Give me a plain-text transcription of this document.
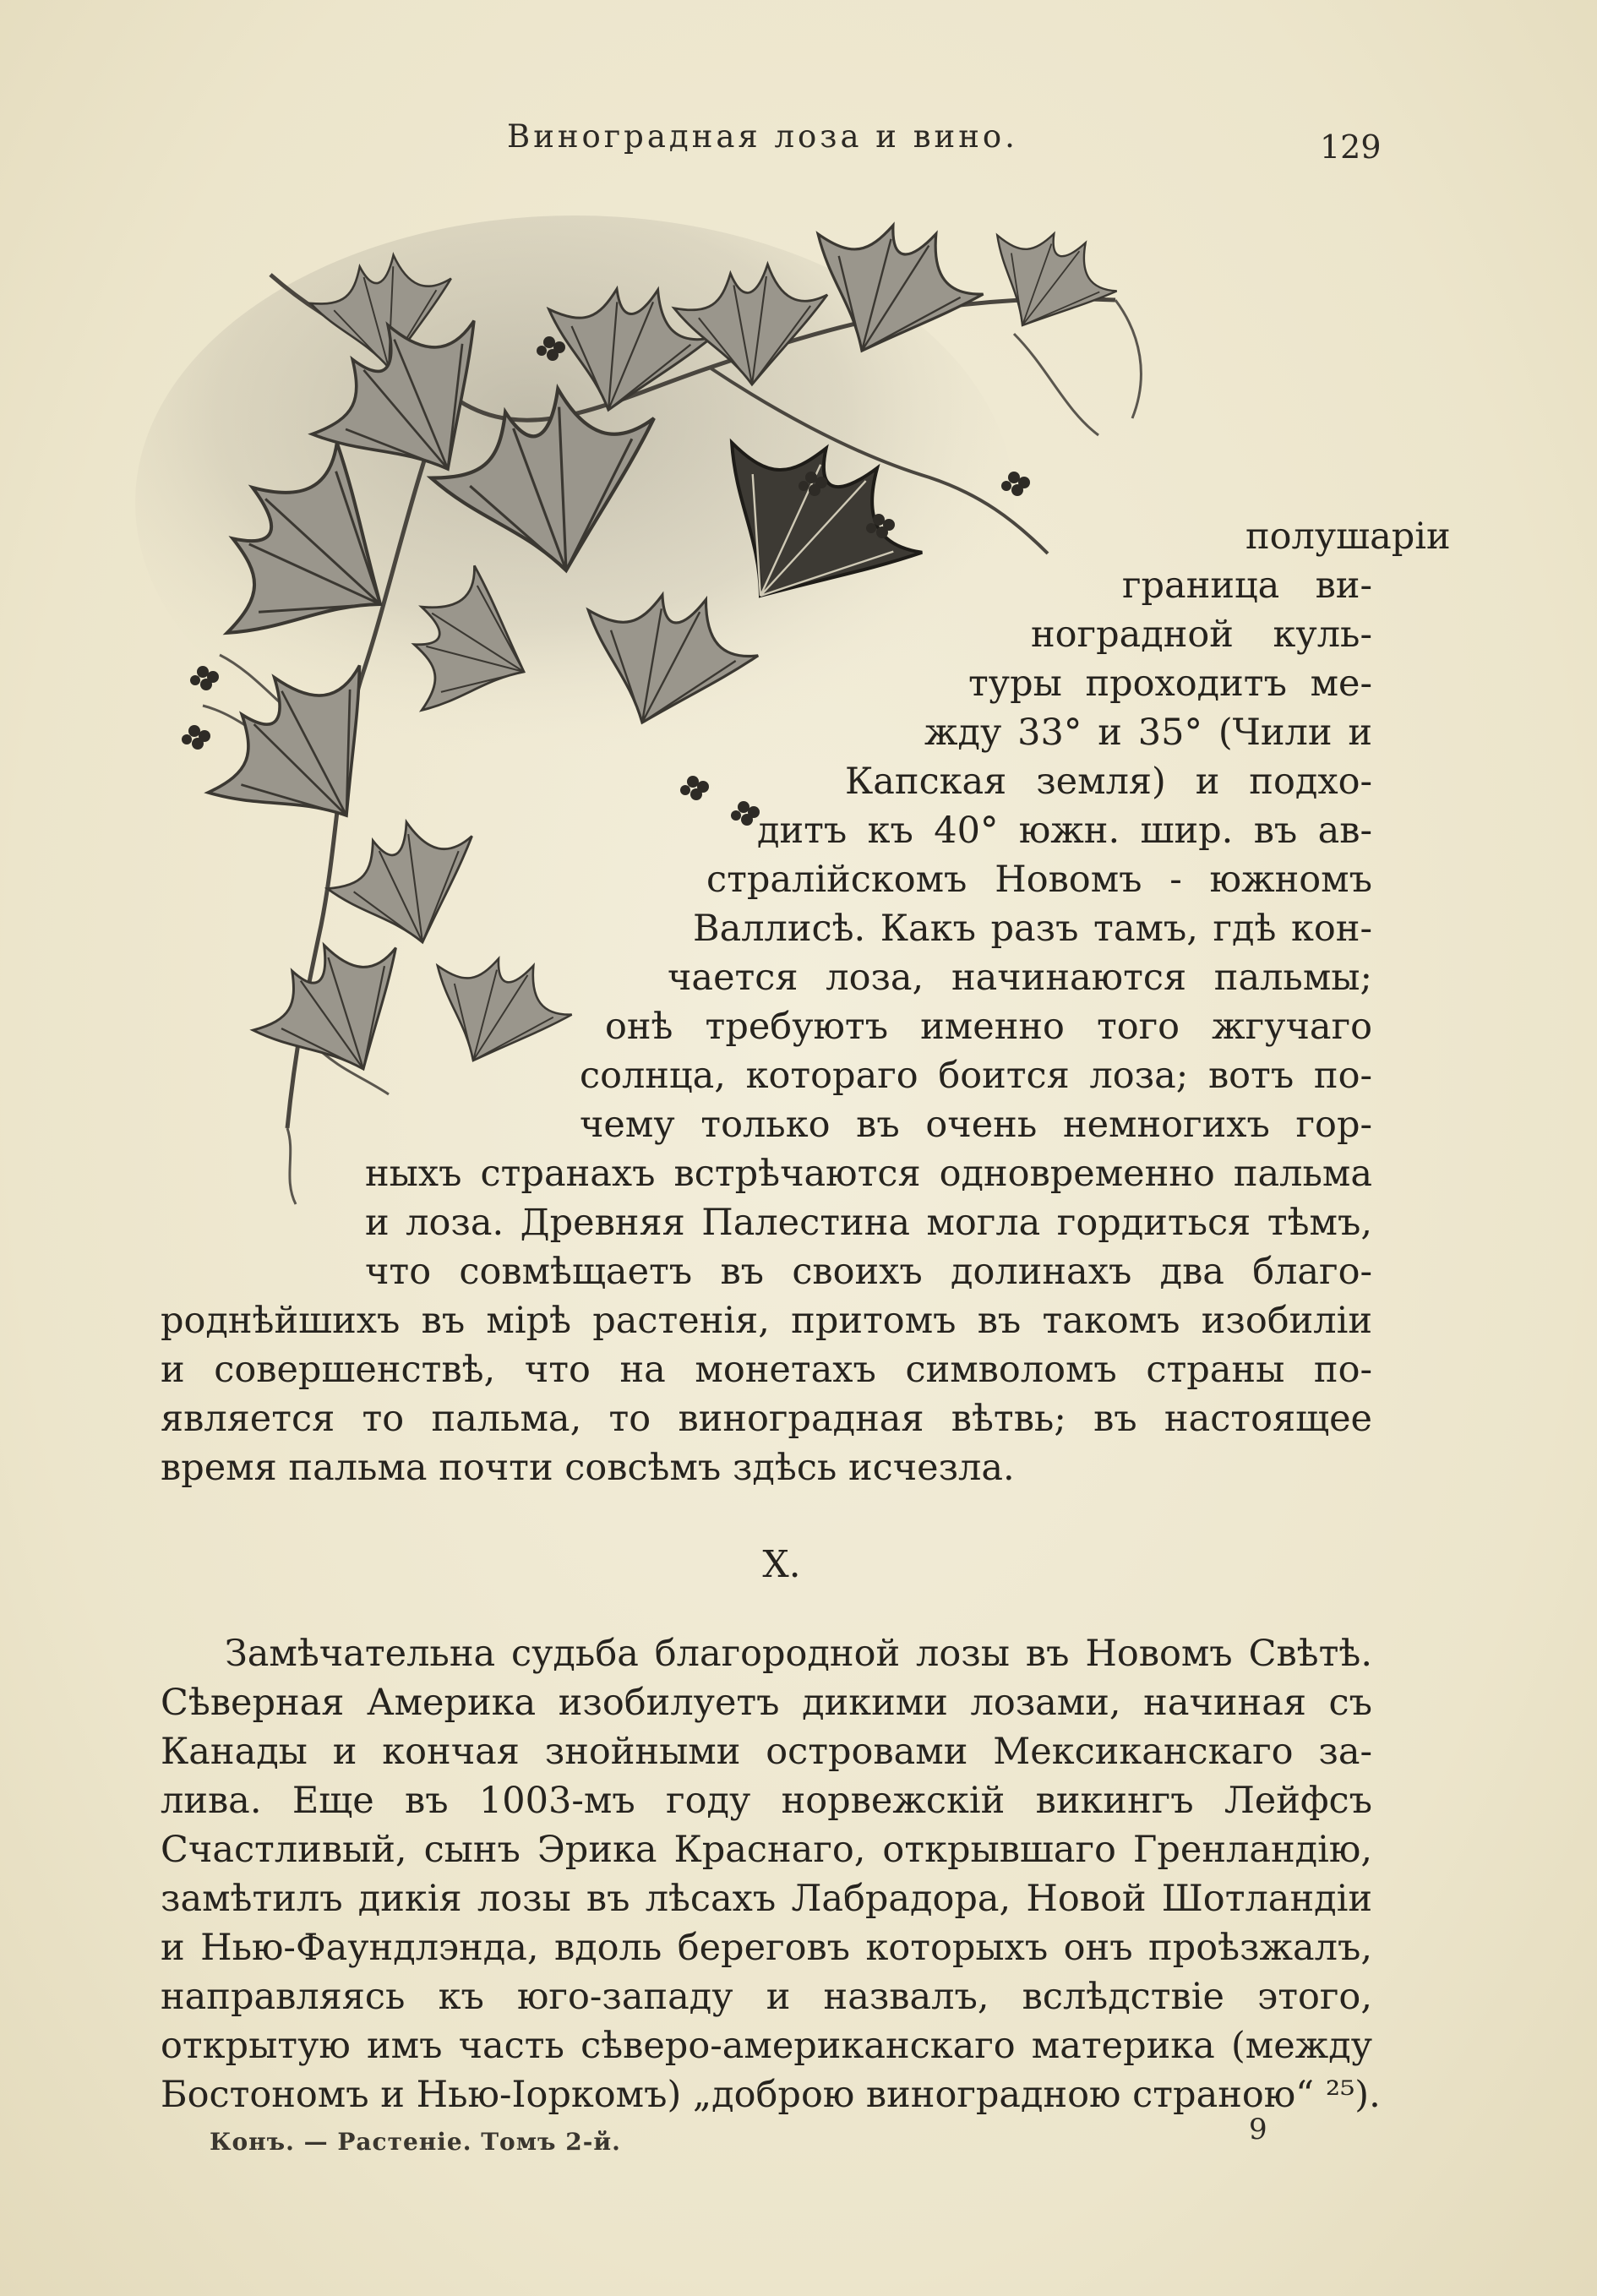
Виноградная лоза и вино.	129
полушаріи
граница ви-
ноградной куль-
туры проходитъ ме-
жду 33° и 35° (Чили и
Капская земля) и подхо-
дитъ къ 40° южн. шир. въ ав-
стралійскомъ Новомъ - южномъ
Валлисѣ. Какъ разъ тамъ, гдѣ кон-
чается лоза, начинаются пальмы;
онѣ требуютъ именно того жгучаго
солнца, котораго боится лоза; вотъ по-
чему только въ очень немногихъ гор-
ныхъ странахъ встрѣчаются одновременно пальма
и лоза. Древняя Палестина могла гордиться тѣмъ,
что совмѣщаетъ въ своихъ долинахъ два благо-
роднѣйшихъ въ мірѣ растенія, притомъ въ такомъ изобиліи
и совершенствѣ, что на монетахъ символомъ страны по-
является то пальма, то виноградная вѣтвь; въ настоящее
время пальма почти совсѣмъ здѣсь исчезла.
X.
Замѣчательна судьба благородной лозы въ Новомъ Свѣтѣ.
Сѣверная Америка изобилуетъ дикими лозами, начиная съ
Канады и кончая знойными островами Мексиканскаго за-
лива. Еще въ 1003-мъ году норвежскій викингъ Лейфсъ
Счастливый, сынъ Эрика Краснаго, открывшаго Гренландію,
замѣтилъ дикія лозы въ лѣсахъ Лабрадора, Новой Шотландіи
и Нью-Фаундлэнда, вдоль береговъ которыхъ онъ проѣзжалъ,
направляясь къ юго-западу и назвалъ, вслѣдствіе этого,
открытую имъ часть сѣверо-американскаго материка (между
Бостономъ и Нью-Іоркомъ) „доброю виноградною страною“ ²⁵).
Конъ. — Растеніе. Томъ 2-й.	9
